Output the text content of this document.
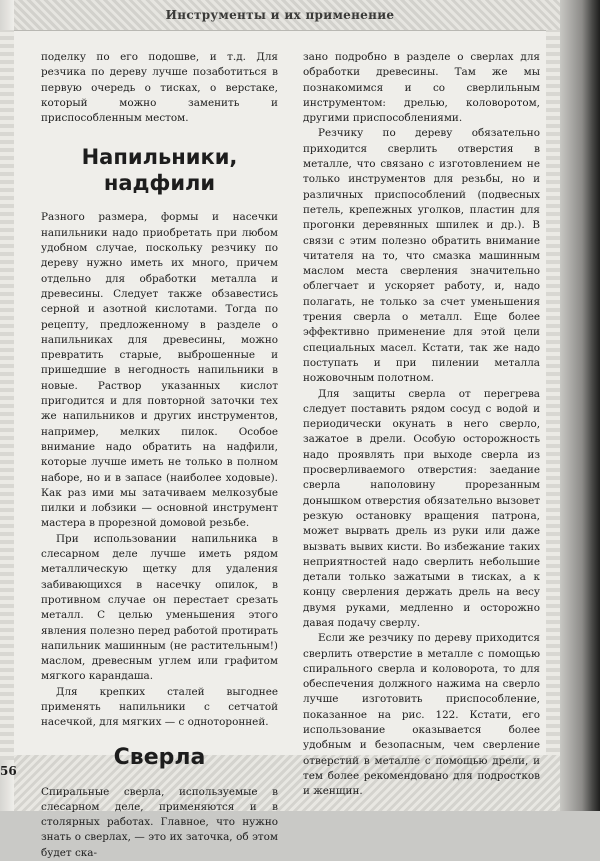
Инструменты и их применение
56

поделку по его подошве, и т.д. Для резчика по дереву лучше позаботиться в первую очередь о тисках, о верстаке, который можно заменить и приспособленным местом.

Напильники, надфили

Разного размера, формы и насечки напильники надо приобретать при любом удобном случае, поскольку резчику по дереву нужно иметь их много, причем отдельно для обработки металла и древесины. Следует также обзавестись серной и азотной кислотами. Тогда по рецепту, предложенному в разделе о напильниках для древесины, можно превратить старые, выброшенные и пришедшие в негодность напильники в новые. Раствор указанных кислот пригодится и для повторной заточки тех же напильников и других инструментов, например, мелких пилок. Особое внимание надо обратить на надфили, которые лучше иметь не только в полном наборе, но и в запасе (наиболее ходовые). Как раз ими мы затачиваем мелкозубые пилки и лобзики — основной инструмент мастера в прорезной домовой резьбе.

При использовании напильника в слесарном деле лучше иметь рядом металлическую щетку для удаления забивающихся в насечку опилок, в противном случае он перестает срезать металл. С целью уменьшения этого явления полезно перед работой протирать напильник машинным (не растительным!) маслом, древесным углем или графитом мягкого карандаша.

Для крепких сталей выгоднее применять напильники с сетчатой насечкой, для мягких — с одноторонней.

Сверла

Спиральные сверла, используемые в слесарном деле, применяются и в столярных работах. Главное, что нужно знать о сверлах, — это их заточка, об этом будет ска-

зано подробно в разделе о сверлах для обработки древесины. Там же мы познакомимся и со сверлильным инструментом: дрелью, коловоротом, другими приспособлениями.

Резчику по дереву обязательно приходится сверлить отверстия в металле, что связано с изготовлением не только инструментов для резьбы, но и различных приспособлений (подвесных петель, крепежных уголков, пластин для прогонки деревянных шпилек и др.). В связи с этим полезно обратить внимание читателя на то, что смазка машинным маслом места сверления значительно облегчает и ускоряет работу, и, надо полагать, не только за счет уменьшения трения сверла о металл. Еще более эффективно применение для этой цели специальных масел. Кстати, так же надо поступать и при пилении металла ножовочным полотном.

Для защиты сверла от перегрева следует поставить рядом сосуд с водой и периодически окунать в него сверло, зажатое в дрели. Особую осторожность надо проявлять при выходе сверла из просверливаемого отверстия: заедание сверла наполовину прорезанным донышком отверстия обязательно вызовет резкую остановку вращения патрона, может вырвать дрель из руки или даже вызвать вывих кисти. Во избежание таких неприятностей надо сверлить небольшие детали только зажатыми в тисках, а к концу сверления держать дрель на весу двумя руками, медленно и осторожно давая подачу сверлу.

Если же резчику по дереву приходится сверлить отверстие в металле с помощью спирального сверла и коловорота, то для обеспечения должного нажима на сверло лучше изготовить приспособление, показанное на рис. 122. Кстати, его использование оказывается более удобным и безопасным, чем сверление отверстий в металле с помощью дрели, и тем более рекомендовано для подростков и женщин.
